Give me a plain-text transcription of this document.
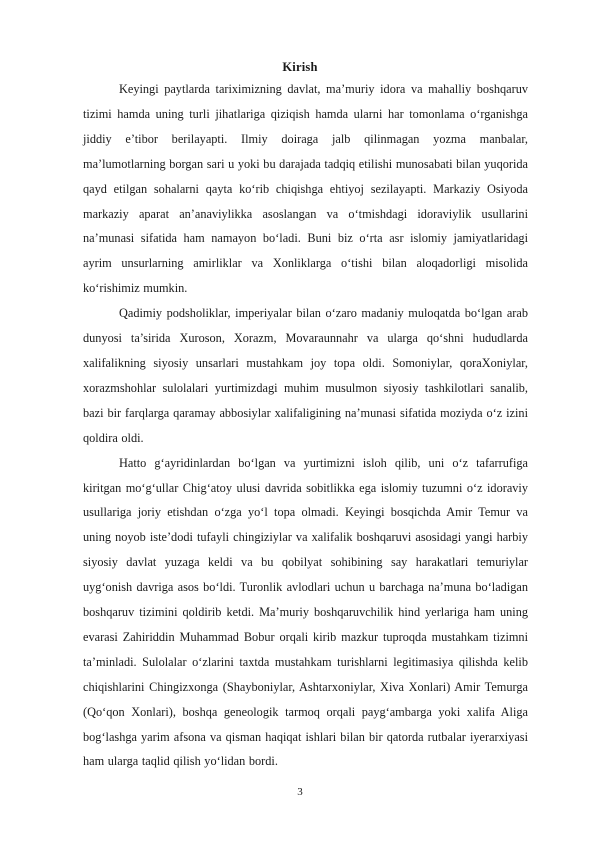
Kirish

Keyingi paytlarda tariximizning davlat, ma’muriy idora va mahalliy boshqaruv tizimi hamda uning turli jihatlariga qiziqish hamda ularni har tomonlama o‘rganishga jiddiy e’tibor berilayapti. Ilmiy doiraga jalb qilinmagan yozma manbalar, ma’lumotlarning borgan sari u yoki bu darajada tadqiq etilishi munosabati bilan yuqorida qayd etilgan sohalarni qayta ko‘rib chiqishga ehtiyoj sezilayapti. Markaziy Osiyoda markaziy aparat an’anaviylikka asoslangan va o‘tmishdagi idoraviylik usullarini na’munasi sifatida ham namayon bo‘ladi. Buni biz o‘rta asr islomiy jamiyatlaridagi ayrim unsurlarning amirliklar va Xonliklarga o‘tishi bilan aloqadorligi misolida ko‘rishimiz mumkin.

Qadimiy podsholiklar, imperiyalar bilan o‘zaro madaniy muloqatda bo‘lgan arab dunyosi ta’sirida Xuroson, Xorazm, Movaraunnahr va ularga qo‘shni hududlarda xalifalikning siyosiy unsarlari mustahkam joy topa oldi. Somoniylar, qoraXoniylar, xorazmshohlar sulolalari yurtimizdagi muhim musulmon siyosiy tashkilotlari sanalib, bazi bir farqlarga qaramay abbosiylar xalifaligining na’munasi sifatida moziyda o‘z izini qoldira oldi.

Hatto g‘ayridinlardan bo‘lgan va yurtimizni isloh qilib, uni o‘z tafarrufiga kiritgan mo‘g‘ullar Chig‘atoy ulusi davrida sobitlikka ega islomiy tuzumni o‘z idoraviy usullariga joriy etishdan o‘zga yo‘l topa olmadi. Keyingi bosqichda Amir Temur va uning noyob iste’dodi tufayli chingiziylar va xalifalik boshqaruvi asosidagi yangi harbiy siyosiy davlat yuzaga keldi va bu qobilyat sohibining say harakatlari temuriylar uyg‘onish davriga asos bo‘ldi. Turonlik avlodlari uchun u barchaga na’muna bo‘ladigan boshqaruv tizimini qoldirib ketdi. Ma’muriy boshqaruvchilik hind yerlariga ham uning evarasi Zahiriddin Muhammad Bobur orqali kirib mazkur tuproqda mustahkam tizimni ta’minladi. Sulolalar o‘zlarini taxtda mustahkam turishlarni legitimasiya qilishda kelib chiqishlarini Chingizxonga (Shayboniylar, Ashtarxoniylar, Xiva Xonlari) Amir Temurga (Qo‘qon Xonlari), boshqa geneologik tarmoq orqali payg‘ambarga yoki xalifa Aliga bog‘lashga yarim afsona va qisman haqiqat ishlari bilan bir qatorda rutbalar iyerarxiyasi ham ularga taqlid qilish yo‘lidan bordi.

3
